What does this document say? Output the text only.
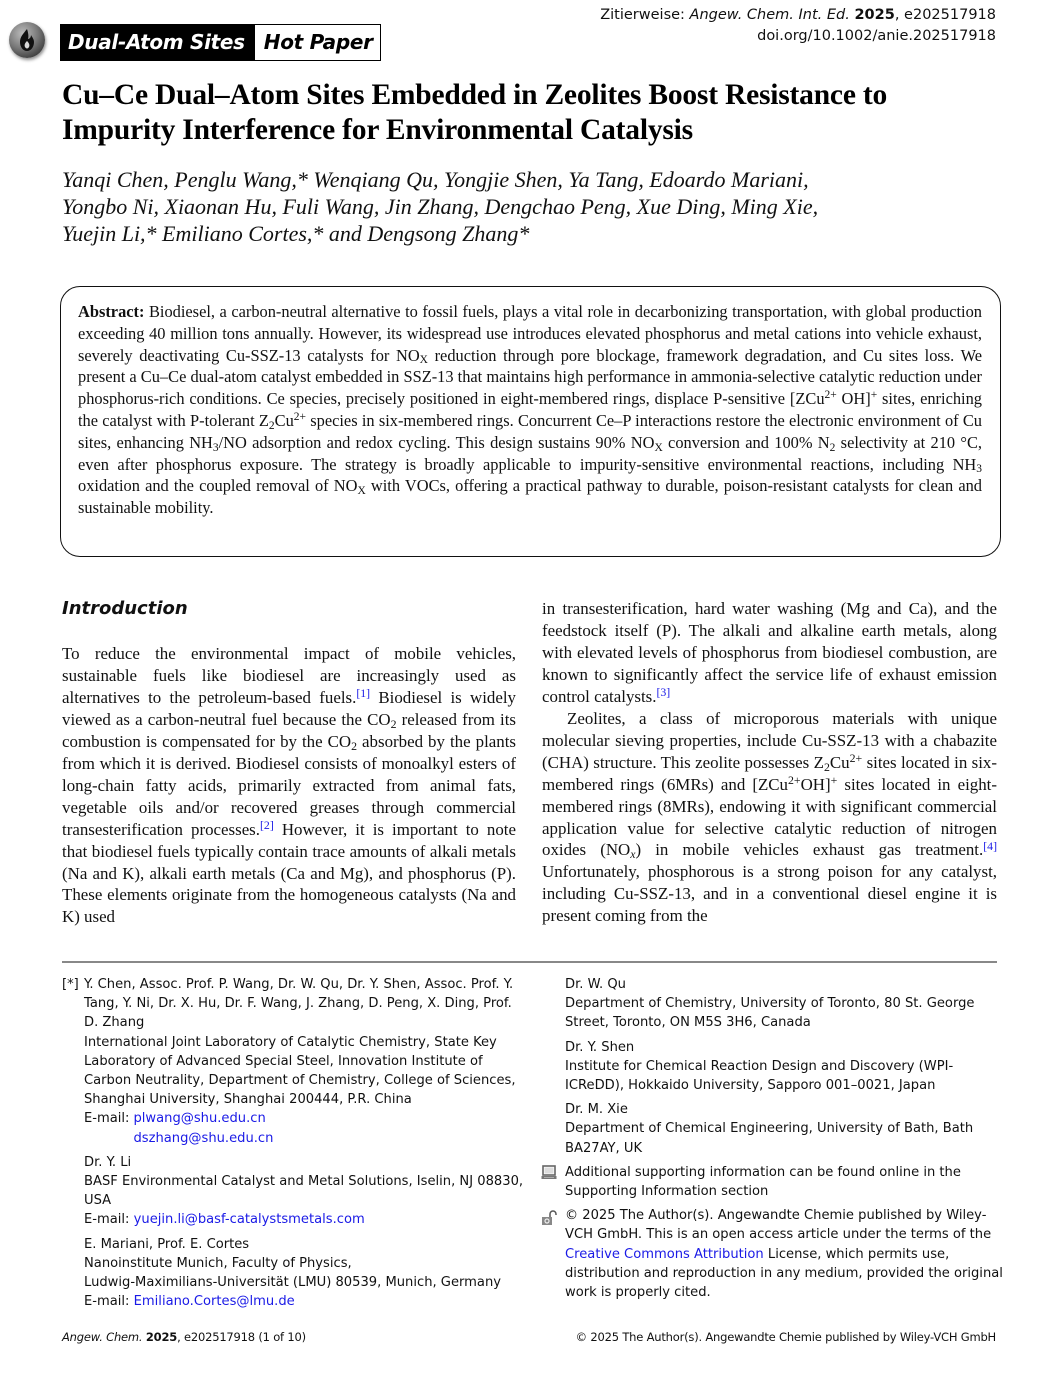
Dual-Atom Sites Hot Paper
Zitierweise: Angew. Chem. Int. Ed. 2025, e202517918
doi.org/10.1002/anie.202517918
Cu–Ce Dual–Atom Sites Embedded in Zeolites Boost Resistance to
Impurity Interference for Environmental Catalysis
Yanqi Chen, Penglu Wang,* Wenqiang Qu, Yongjie Shen, Ya Tang, Edoardo Mariani,
Yongbo Ni, Xiaonan Hu, Fuli Wang, Jin Zhang, Dengchao Peng, Xue Ding, Ming Xie,
Yuejin Li,* Emiliano Cortes,* and Dengsong Zhang*
Abstract: Biodiesel, a carbon-neutral alternative to fossil fuels, plays a vital role in decarbonizing transportation, with global production exceeding 40 million tons annually. However, its widespread use introduces elevated phosphorus and metal cations into vehicle exhaust, severely deactivating Cu-SSZ-13 catalysts for $NO_X$ reduction through pore blockage, framework degradation, and Cu sites loss. We present a Cu–Ce dual-atom catalyst embedded in SSZ-13 that maintains high performance in ammonia-selective catalytic reduction under phosphorus-rich conditions. Ce species, precisely positioned in eight-membered rings, displace P-sensitive [ZCu$^{2+}$ OH]+ sites, enriching the catalyst with P-tolerant $Z_2Cu^{2+}$ species in six-membered rings. Concurrent Ce–P interactions restore the electronic environment of Cu sites, enhancing $NH_3/NO$ adsorption and redox cycling. This design sustains 90% $NO_X$ conversion and 100% $N_2$ selectivity at 210 °C, even after phosphorus exposure. The strategy is broadly applicable to impurity-sensitive environmental reactions, including $NH_3$ oxidation and the coupled removal of $NO_X$ with VOCs, offering a practical pathway to durable, poison-resistant catalysts for clean and sustainable mobility.
Introduction

To reduce the environmental impact of mobile vehicles, sustainable fuels like biodiesel are increasingly used as alternatives to the petroleum-based fuels.[1] Biodiesel is widely viewed as a carbon-neutral fuel because the $CO_2$ released from its combustion is compensated for by the $CO_2$ absorbed by the plants from which it is derived. Biodiesel consists of monoalkyl esters of long-chain fatty acids, primarily extracted from animal fats, vegetable oils and/or recovered greases through commercial transesterification processes.[2] However, it is important to note that biodiesel fuels typically contain trace amounts of alkali metals (Na and K), alkali earth metals (Ca and Mg), and phosphorus (P). These elements originate from the homogeneous catalysts (Na and K) used

in transesterification, hard water washing (Mg and Ca), and the feedstock itself (P). The alkali and alkaline earth metals, along with elevated levels of phosphorus from biodiesel combustion, are known to significantly affect the service life of exhaust emission control catalysts.[3]

Zeolites, a class of microporous materials with unique molecular sieving properties, include Cu-SSZ-13 with a chabazite (CHA) structure. This zeolite possesses $Z_2Cu^{2+}$ sites located in six-membered rings (6MRs) and [ZCu$^{2+}$OH]+ sites located in eight-membered rings (8MRs), endowing it with significant commercial application value for selective catalytic reduction of nitrogen oxides $(NO_x)$ in mobile vehicles exhaust gas treatment.[4] Unfortunately, phosphorous is a strong poison for any catalyst, including Cu-SSZ-13, and in a conventional diesel engine it is present coming from the

[*] Y. Chen, Assoc. Prof. P. Wang, Dr. W. Qu, Dr. Y. Shen, Assoc. Prof. Y. Tang, Y. Ni, Dr. X. Hu, Dr. F. Wang, J. Zhang, D. Peng, X. Ding, Prof. D. Zhang
International Joint Laboratory of Catalytic Chemistry, State Key Laboratory of Advanced Special Steel, Innovation Institute of Carbon Neutrality, Department of Chemistry, College of Sciences, Shanghai University, Shanghai 200444, P.R. China
E-mail: plwang@shu.edu.cn
dszhang@shu.edu.cn
Dr. Y. Li
BASF Environmental Catalyst and Metal Solutions, Iselin, NJ 08830, USA
E-mail: yuejin.li@basf-catalystsmetals.com
E. Mariani, Prof. E. Cortes
Nanoinstitute Munich, Faculty of Physics,
Ludwig-Maximilians-Universität (LMU) 80539, Munich, Germany
E-mail: Emiliano.Cortes@lmu.de
Dr. W. Qu
Department of Chemistry, University of Toronto, 80 St. George Street, Toronto, ON M5S 3H6, Canada
Dr. Y. Shen
Institute for Chemical Reaction Design and Discovery (WPI-ICReDD), Hokkaido University, Sapporo 001–0021, Japan
Dr. M. Xie
Department of Chemical Engineering, University of Bath, Bath BA27AY, UK
Additional supporting information can be found online in the Supporting Information section
© 2025 The Author(s). Angewandte Chemie published by Wiley-VCH GmbH. This is an open access article under the terms of the Creative Commons Attribution License, which permits use, distribution and reproduction in any medium, provided the original work is properly cited.
Angew. Chem. 2025, e202517918 (1 of 10)	© 2025 The Author(s). Angewandte Chemie published by Wiley-VCH GmbH
